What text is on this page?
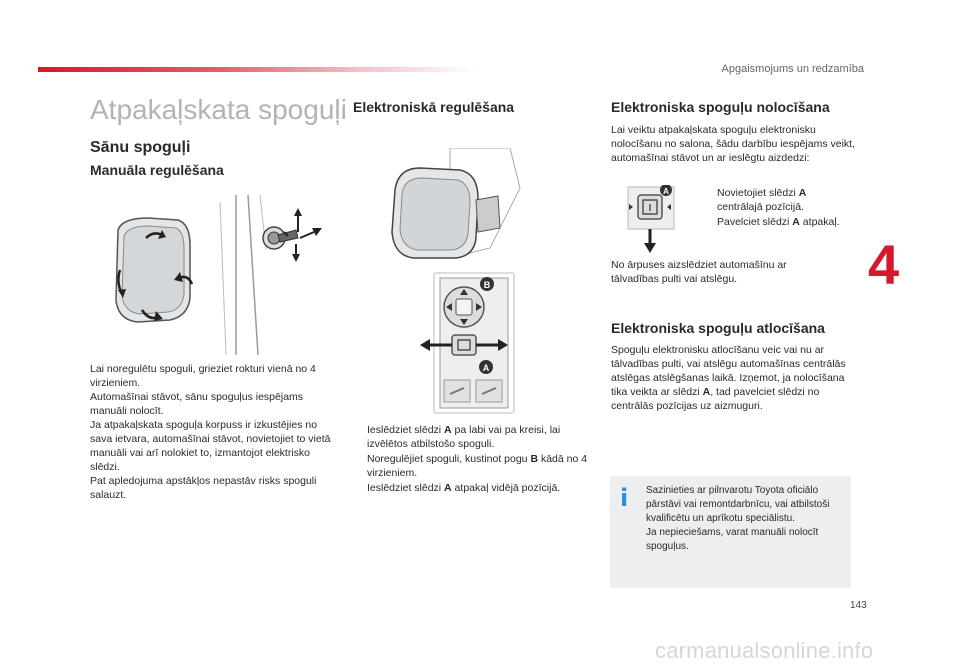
Apgaismojums un redzamība
4
Atpakaļskata spoguļi
Sānu spoguļi
Manuāla regulēšana

Lai noregulētu spoguli, grieziet rokturi vienā no 4 virzieniem.

Automašīnai stāvot, sānu spoguļus iespējams manuāli nolocīt.

Ja atpakaļskata spoguļa korpuss ir izkustējies no sava ietvara, automašīnai stāvot, novietojiet to vietā manuāli vai arī nolokiet to, izmantojot elektrisko slēdzi.

Pat apledojuma apstākļos nepastāv risks spoguli salauzt.

Elektroniskā regulēšana
B
A
Ieslēdziet slēdzi A pa labi vai pa kreisi, lai izvēlētos atbilstošo spoguli.
Noregulējiet spoguli, kustinot pogu B kādā no 4 virzieniem.
Ieslēdziet slēdzi A atpakaļ vidējā pozīcijā.
Elektroniska spoguļu nolocīšana
Lai veiktu atpakaļskata spoguļu elektronisku nolocīšanu no salona, šādu darbību iespējams veikt, automašīnai stāvot un ar ieslēgtu aizdedzi:
A	Novietojiet slēdzi A centrālajā pozīcijā.
Pavelciet slēdzi A atpakaļ.
No ārpuses aizslēdziet automašīnu ar tālvadības pulti vai atslēgu.
Elektroniska spoguļu atlocīšana
Spoguļu elektronisku atlocīšanu veic vai nu ar tālvadības pulti, vai atslēgu automašīnas centrālās atslēgas atslēgšanas laikā. Izņemot, ja nolocīšana tika veikta ar slēdzi A, tad pavelciet slēdzi no centrālās pozīcijas uz aizmuguri.
i Sazinieties ar pilnvarotu Toyota oficiālo pārstāvi vai remontdarbnīcu, vai atbilstoši kvalificētu un aprīkotu speciālistu.

Ja nepieciešams, varat manuāli nolocīt spoguļus.

143
carmanualsonline.info
